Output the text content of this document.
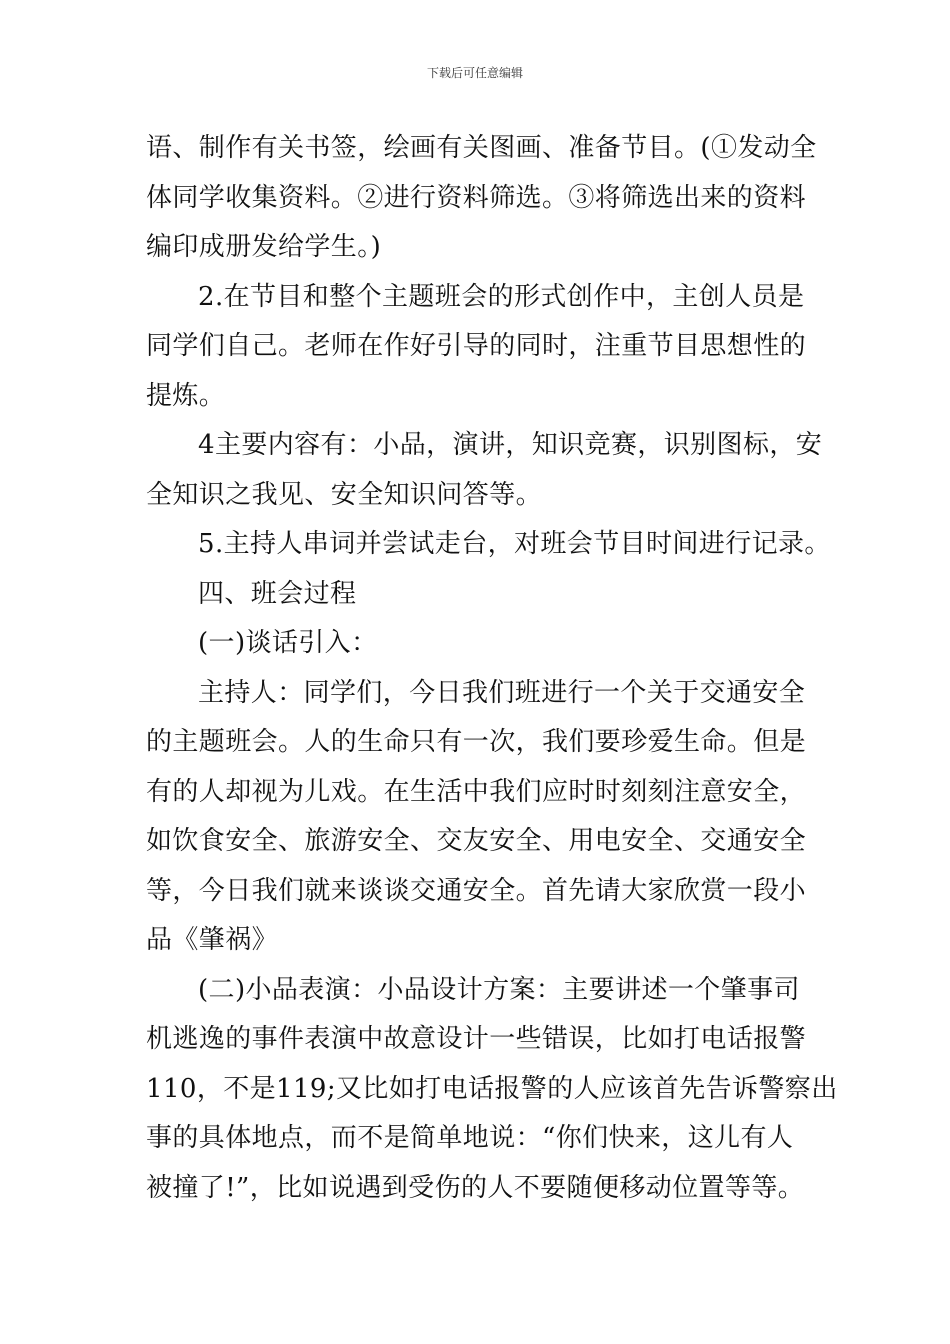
下载后可任意编辑
语、制作有关书签，绘画有关图画、准备节目。(①发动全
体同学收集资料。②进行资料筛选。③将筛选出来的资料
编印成册发给学生。)
2.在节目和整个主题班会的形式创作中，主创人员是
同学们自己。老师在作好引导的同时，注重节目思想性的
提炼。
4主要内容有：小品，演讲，知识竞赛，识别图标，安
全知识之我见、安全知识问答等。
5.主持人串词并尝试走台，对班会节目时间进行记录。
四、班会过程
(一)谈话引入：
主持人：同学们，今日我们班进行一个关于交通安全
的主题班会。人的生命只有一次，我们要珍爱生命。但是
有的人却视为儿戏。在生活中我们应时时刻刻注意安全，
如饮食安全、旅游安全、交友安全、用电安全、交通安全
等，今日我们就来谈谈交通安全。首先请大家欣赏一段小
品《肇祸》
(二)小品表演：小品设计方案：主要讲述一个肇事司
机逃逸的事件表演中故意设计一些错误，比如打电话报警
110，不是119;又比如打电话报警的人应该首先告诉警察出
事的具体地点，而不是简单地说：“你们快来，这儿有人
被撞了!”，比如说遇到受伤的人不要随便移动位置等等。
